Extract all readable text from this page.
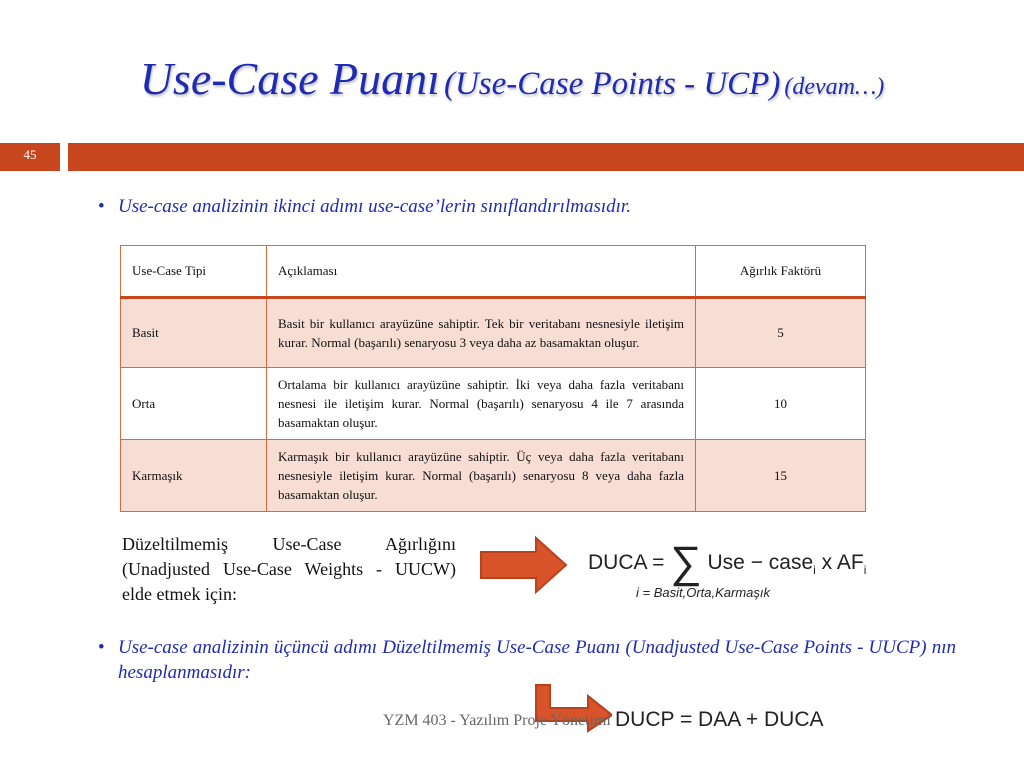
Use-Case Puanı (Use-Case Points - UCP) (devam…)
45
• Use-case analizinin ikinci adımı use-case’lerin sınıflandırılmasıdır.
Use-Case Tipi	Açıklaması	Ağırlık Faktörü
Basit	Basit bir kullanıcı arayüzüne sahiptir. Tek bir veritabanı nesnesiyle iletişim kurar. Normal (başarılı) senaryosu 3 veya daha az basamaktan oluşur.	5
Orta	Ortalama bir kullanıcı arayüzüne sahiptir. İki veya daha fazla veritabanı nesnesi ile iletişim kurar. Normal (başarılı) senaryosu 4 ile 7 arasında basamaktan oluşur.	10
Karmaşık	Karmaşık bir kullanıcı arayüzüne sahiptir. Üç veya daha fazla veritabanı nesnesiyle iletişim kurar. Normal (başarılı) senaryosu 8 veya daha fazla basamaktan oluşur.	15
Düzeltilmemiş Use-Case Ağırlığını (Unadjusted Use-Case Weights - UUCW) elde etmek için:
DUCA = ∑ Use − case$_i$ x $AF_i$
i = Basit,Orta,Karmaşık
• Use-case analizinin üçüncü adımı Düzeltilmemiş Use-Case Puanı (Unadjusted Use-Case Points - UUCP) nın hesaplanmasıdır:
YZM 403 - Yazılım Proje Yönetimi DUCP = DAA + DUCA
